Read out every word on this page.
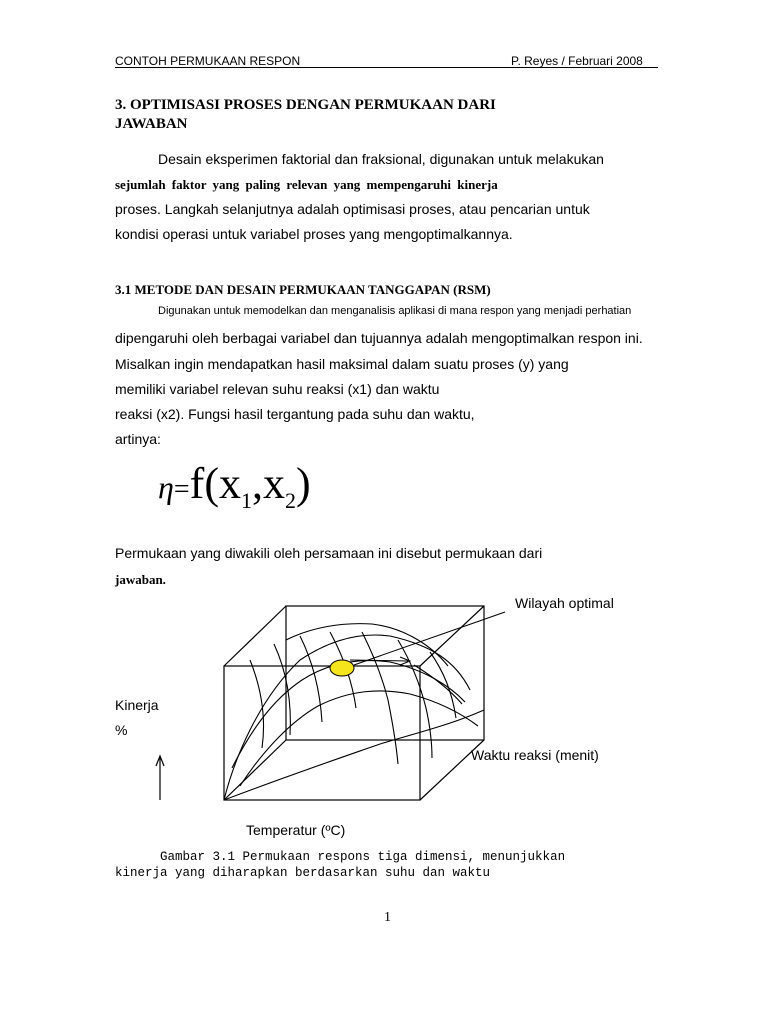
CONTOH PERMUKAAN RESPON	P. Reyes / Februari 2008

3. OPTIMISASI PROSES DENGAN PERMUKAAN DARI

JAWABAN

Desain eksperimen faktorial dan fraksional, digunakan untuk melakukan

sejumlah faktor yang paling relevan yang mempengaruhi kinerja

proses. Langkah selanjutnya adalah optimisasi proses, atau pencarian untuk

kondisi operasi untuk variabel proses yang mengoptimalkannya.

3.1 METODE DAN DESAIN PERMUKAAN TANGGAPAN (RSM)

Digunakan untuk memodelkan dan menganalisis aplikasi di mana respon yang menjadi perhatian

dipengaruhi oleh berbagai variabel dan tujuannya adalah mengoptimalkan respon ini.

Misalkan ingin mendapatkan hasil maksimal dalam suatu proses (y) yang

memiliki variabel relevan suhu reaksi (x1) dan waktu

reaksi (x2). Fungsi hasil tergantung pada suhu dan waktu,

artinya:

$\eta=f(x_1,x_2)$

Permukaan yang diwakili oleh persamaan ini disebut permukaan dari

jawaban.

Wilayah optimal

Kinerja

%

Waktu reaksi (menit)

Temperatur (ºC)

Gambar 3.1 Permukaan respons tiga dimensi, menunjukkan

kinerja yang diharapkan berdasarkan suhu dan waktu

1
